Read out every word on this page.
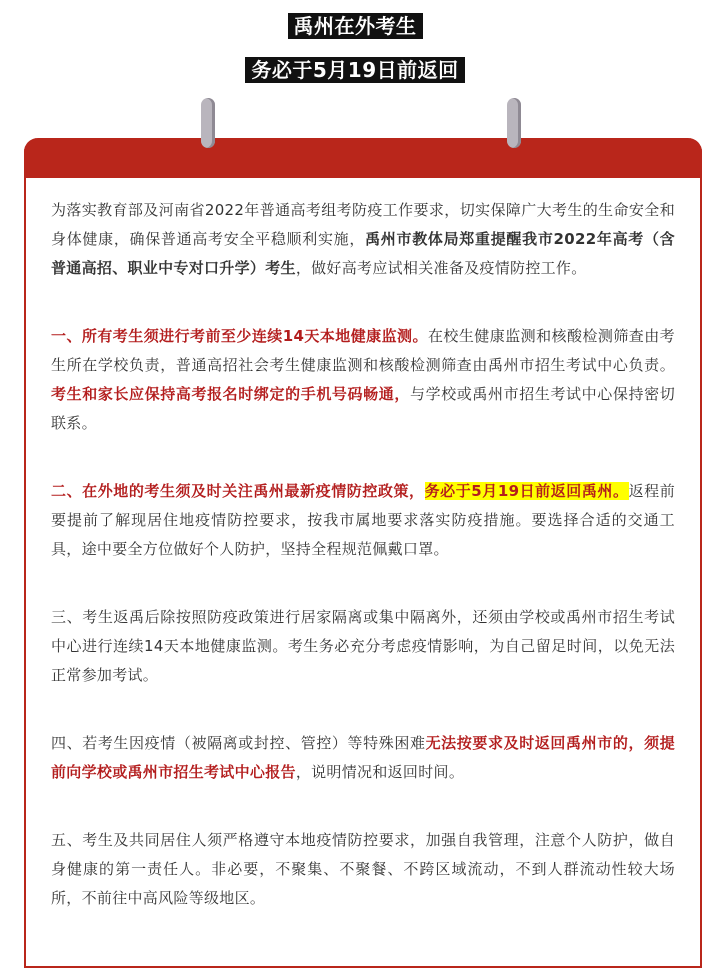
禹州在外考生
务必于5月19日前返回

为落实教育部及河南省2022年普通高考组考防疫工作要求，切实保障广大考生的生命安全和身体健康，确保普通高考安全平稳顺利实施，禹州市教体局郑重提醒我市2022年高考（含普通高招、职业中专对口升学）考生，做好高考应试相关准备及疫情防控工作。

一、所有考生须进行考前至少连续14天本地健康监测。在校生健康监测和核酸检测筛查由考生所在学校负责，普通高招社会考生健康监测和核酸检测筛查由禹州市招生考试中心负责。考生和家长应保持高考报名时绑定的手机号码畅通，与学校或禹州市招生考试中心保持密切联系。

二、在外地的考生须及时关注禹州最新疫情防控政策，务必于5月19日前返回禹州。返程前要提前了解现居住地疫情防控要求，按我市属地要求落实防疫措施。要选择合适的交通工具，途中要全方位做好个人防护，坚持全程规范佩戴口罩。

三、考生返禹后除按照防疫政策进行居家隔离或集中隔离外，还须由学校或禹州市招生考试中心进行连续14天本地健康监测。考生务必充分考虑疫情影响，为自己留足时间，以免无法正常参加考试。

四、若考生因疫情（被隔离或封控、管控）等特殊困难无法按要求及时返回禹州市的，须提前向学校或禹州市招生考试中心报告，说明情况和返回时间。

五、考生及共同居住人须严格遵守本地疫情防控要求，加强自我管理，注意个人防护，做自身健康的第一责任人。非必要，不聚集、不聚餐、不跨区域流动，不到人群流动性较大场所，不前往中高风险等级地区。
